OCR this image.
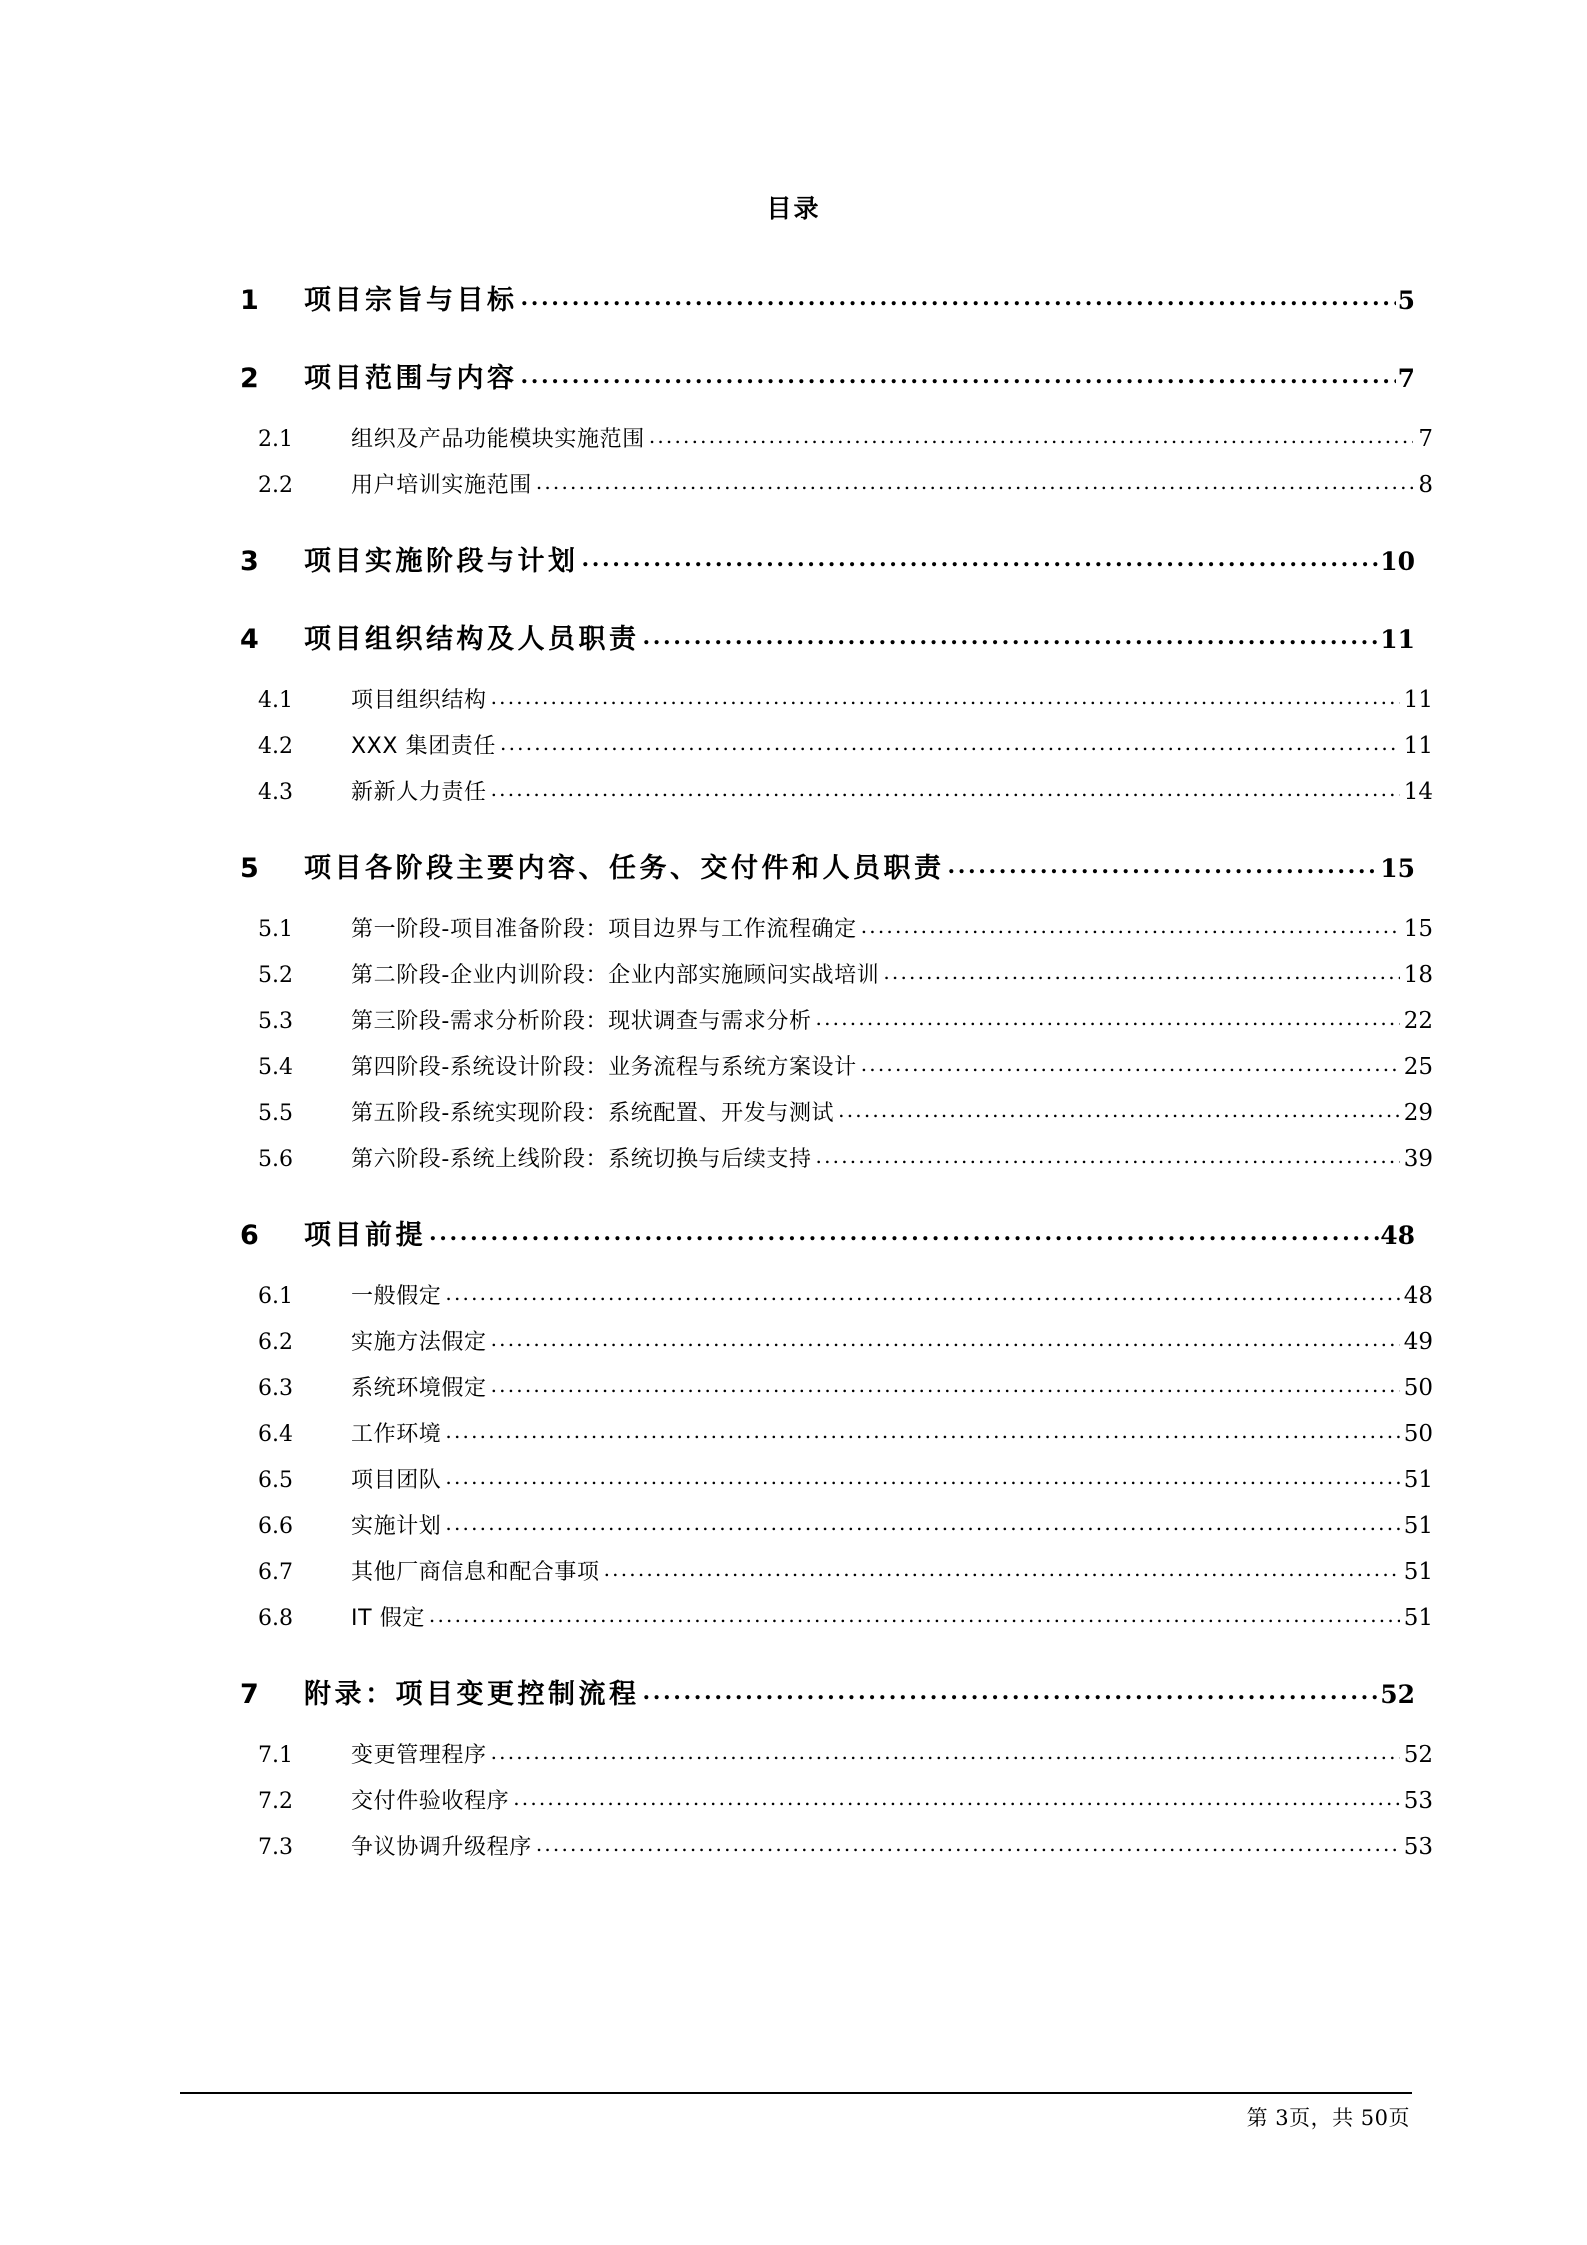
目录
1	项目宗旨与目标 .....	5
2	项目范围与内容 .....	7
2.1	组织及产品功能模块实施范围 .....	7
2.2	用户培训实施范围 .....	8
3	项目实施阶段与计划 .....	10
4	项目组织结构及人员职责 .....	11
4.1	项目组织结构 .....	11
4.2	XXX 集团责任 .....	11
4.3	新新人力责任 .....	14
5	项目各阶段主要内容、任务、交付件和人员职责 .....	15
5.1	第一阶段-项目准备阶段：项目边界与工作流程确定 .....	15
5.2	第二阶段-企业内训阶段：企业内部实施顾问实战培训 .....	18
5.3	第三阶段-需求分析阶段：现状调查与需求分析 .....	22
5.4	第四阶段-系统设计阶段：业务流程与系统方案设计 .....	25
5.5	第五阶段-系统实现阶段：系统配置、开发与测试 .....	29
5.6	第六阶段-系统上线阶段：系统切换与后续支持 .....	39
6	项目前提 .....	48
6.1	一般假定 .....	48
6.2	实施方法假定 .....	49
6.3	系统环境假定 .....	50
6.4	工作环境 .....	50
6.5	项目团队 .....	51
6.6	实施计划 .....	51
6.7	其他厂商信息和配合事项 .....	51
6.8	IT 假定 .....	51
7	附录：项目变更控制流程 .....	52
7.1	变更管理程序 .....	52
7.2	交付件验收程序 .....	53
7.3	争议协调升级程序 .....	53
第 3页，共 50页
